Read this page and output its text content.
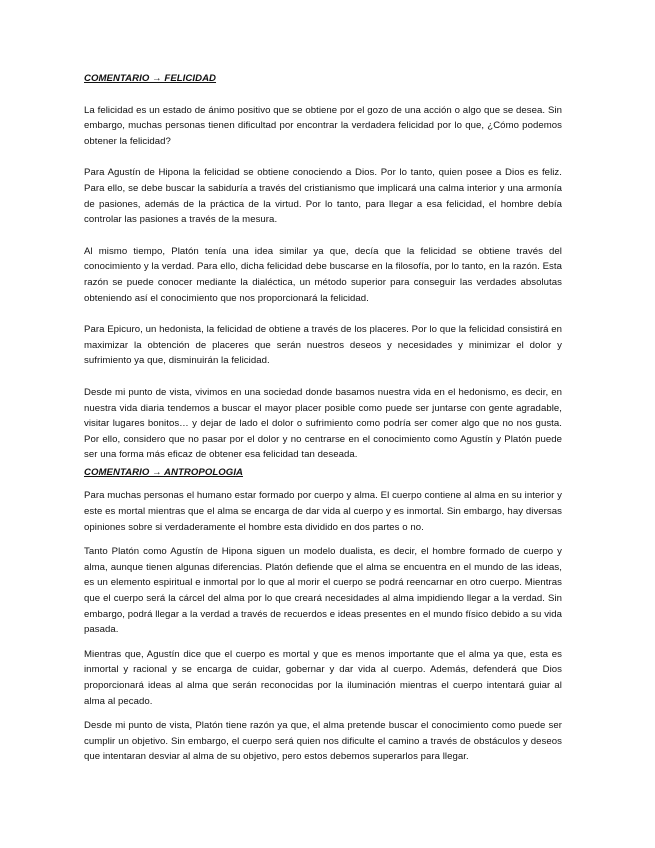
COMENTARIO → FELICIDAD

La felicidad es un estado de ánimo positivo que se obtiene por el gozo de una acción o algo que se desea. Sin embargo, muchas personas tienen dificultad por encontrar la verdadera felicidad por lo que, ¿Cómo podemos obtener la felicidad?

Para Agustín de Hipona la felicidad se obtiene conociendo a Dios. Por lo tanto, quien posee a Dios es feliz. Para ello, se debe buscar la sabiduría a través del cristianismo que implicará una calma interior y una armonía de pasiones, además de la práctica de la virtud. Por lo tanto, para llegar a esa felicidad, el hombre debía controlar las pasiones a través de la mesura.

Al mismo tiempo, Platón tenía una idea similar ya que, decía que la felicidad se obtiene través del conocimiento y la verdad. Para ello, dicha felicidad debe buscarse en la filosofía, por lo tanto, en la razón. Esta razón se puede conocer mediante la dialéctica, un método superior para conseguir las verdades absolutas obteniendo así el conocimiento que nos proporcionará la felicidad.

Para Epicuro, un hedonista, la felicidad de obtiene a través de los placeres. Por lo que la felicidad consistirá en maximizar la obtención de placeres que serán nuestros deseos y necesidades y minimizar el dolor y sufrimiento ya que, disminuirán la felicidad.

Desde mi punto de vista, vivimos en una sociedad donde basamos nuestra vida en el hedonismo, es decir, en nuestra vida diaria tendemos a buscar el mayor placer posible como puede ser juntarse con gente agradable, visitar lugares bonitos… y dejar de lado el dolor o sufrimiento como podría ser comer algo que no nos gusta. Por ello, considero que no pasar por el dolor y no centrarse en el conocimiento como Agustín y Platón puede ser una forma más eficaz de obtener esa felicidad tan deseada.

COMENTARIO → ANTROPOLOGIA

Para muchas personas el humano estar formado por cuerpo y alma. El cuerpo contiene al alma en su interior y este es mortal mientras que el alma se encarga de dar vida al cuerpo y es inmortal. Sin embargo, hay diversas opiniones sobre si verdaderamente el hombre esta dividido en dos partes o no.

Tanto Platón como Agustín de Hipona siguen un modelo dualista, es decir, el hombre formado de cuerpo y alma, aunque tienen algunas diferencias. Platón defiende que el alma se encuentra en el mundo de las ideas, es un elemento espiritual e inmortal por lo que al morir el cuerpo se podrá reencarnar en otro cuerpo. Mientras que el cuerpo será la cárcel del alma por lo que creará necesidades al alma impidiendo llegar a la verdad. Sin embargo, podrá llegar a la verdad a través de recuerdos e ideas presentes en el mundo físico debido a su vida pasada.

Mientras que, Agustín dice que el cuerpo es mortal y que es menos importante que el alma ya que, esta es inmortal y racional y se encarga de cuidar, gobernar y dar vida al cuerpo. Además, defenderá que Dios proporcionará ideas al alma que serán reconocidas por la iluminación mientras el cuerpo intentará guiar al alma al pecado.

Desde mi punto de vista, Platón tiene razón ya que, el alma pretende buscar el conocimiento como puede ser cumplir un objetivo. Sin embargo, el cuerpo será quien nos dificulte el camino a través de obstáculos y deseos que intentaran desviar al alma de su objetivo, pero estos debemos superarlos para llegar.
